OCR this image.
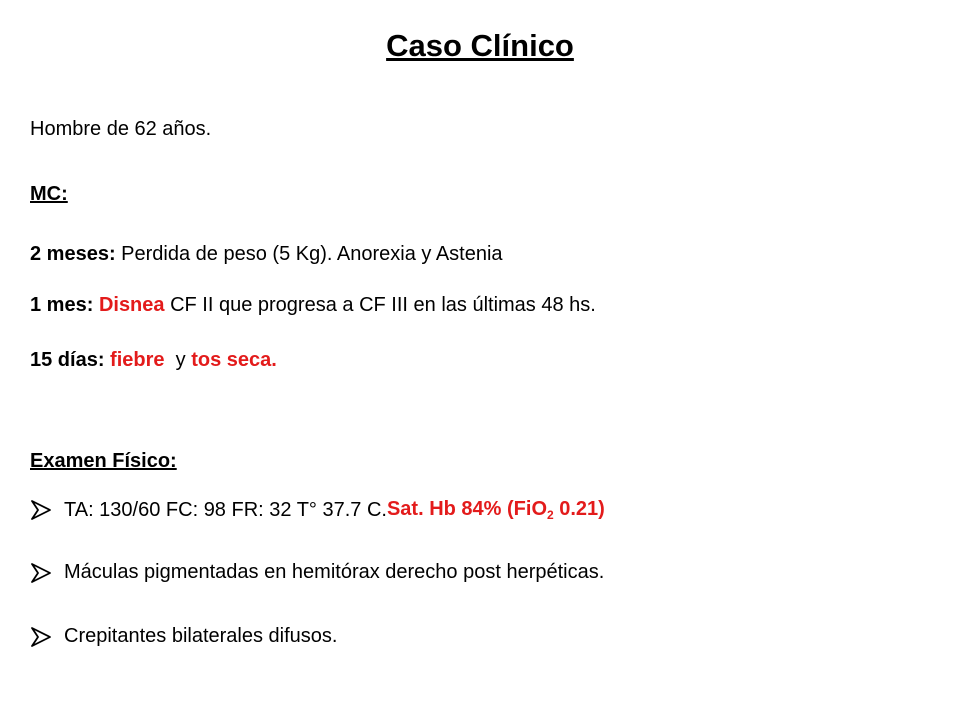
Caso Clínico
Hombre de 62 años.
MC:
2 meses: Perdida de peso (5 Kg). Anorexia y Astenia
1 mes: Disnea CF II que progresa a CF III en las últimas 48 hs.
15 días: fiebre  y tos seca.
Examen Físico:
TA: 130/60 FC: 98 FR: 32 T° 37.7 C. Sat. Hb 84% (FiO$_2$ 0.21)
Máculas pigmentadas en hemitórax derecho post herpéticas.
Crepitantes bilaterales difusos.
